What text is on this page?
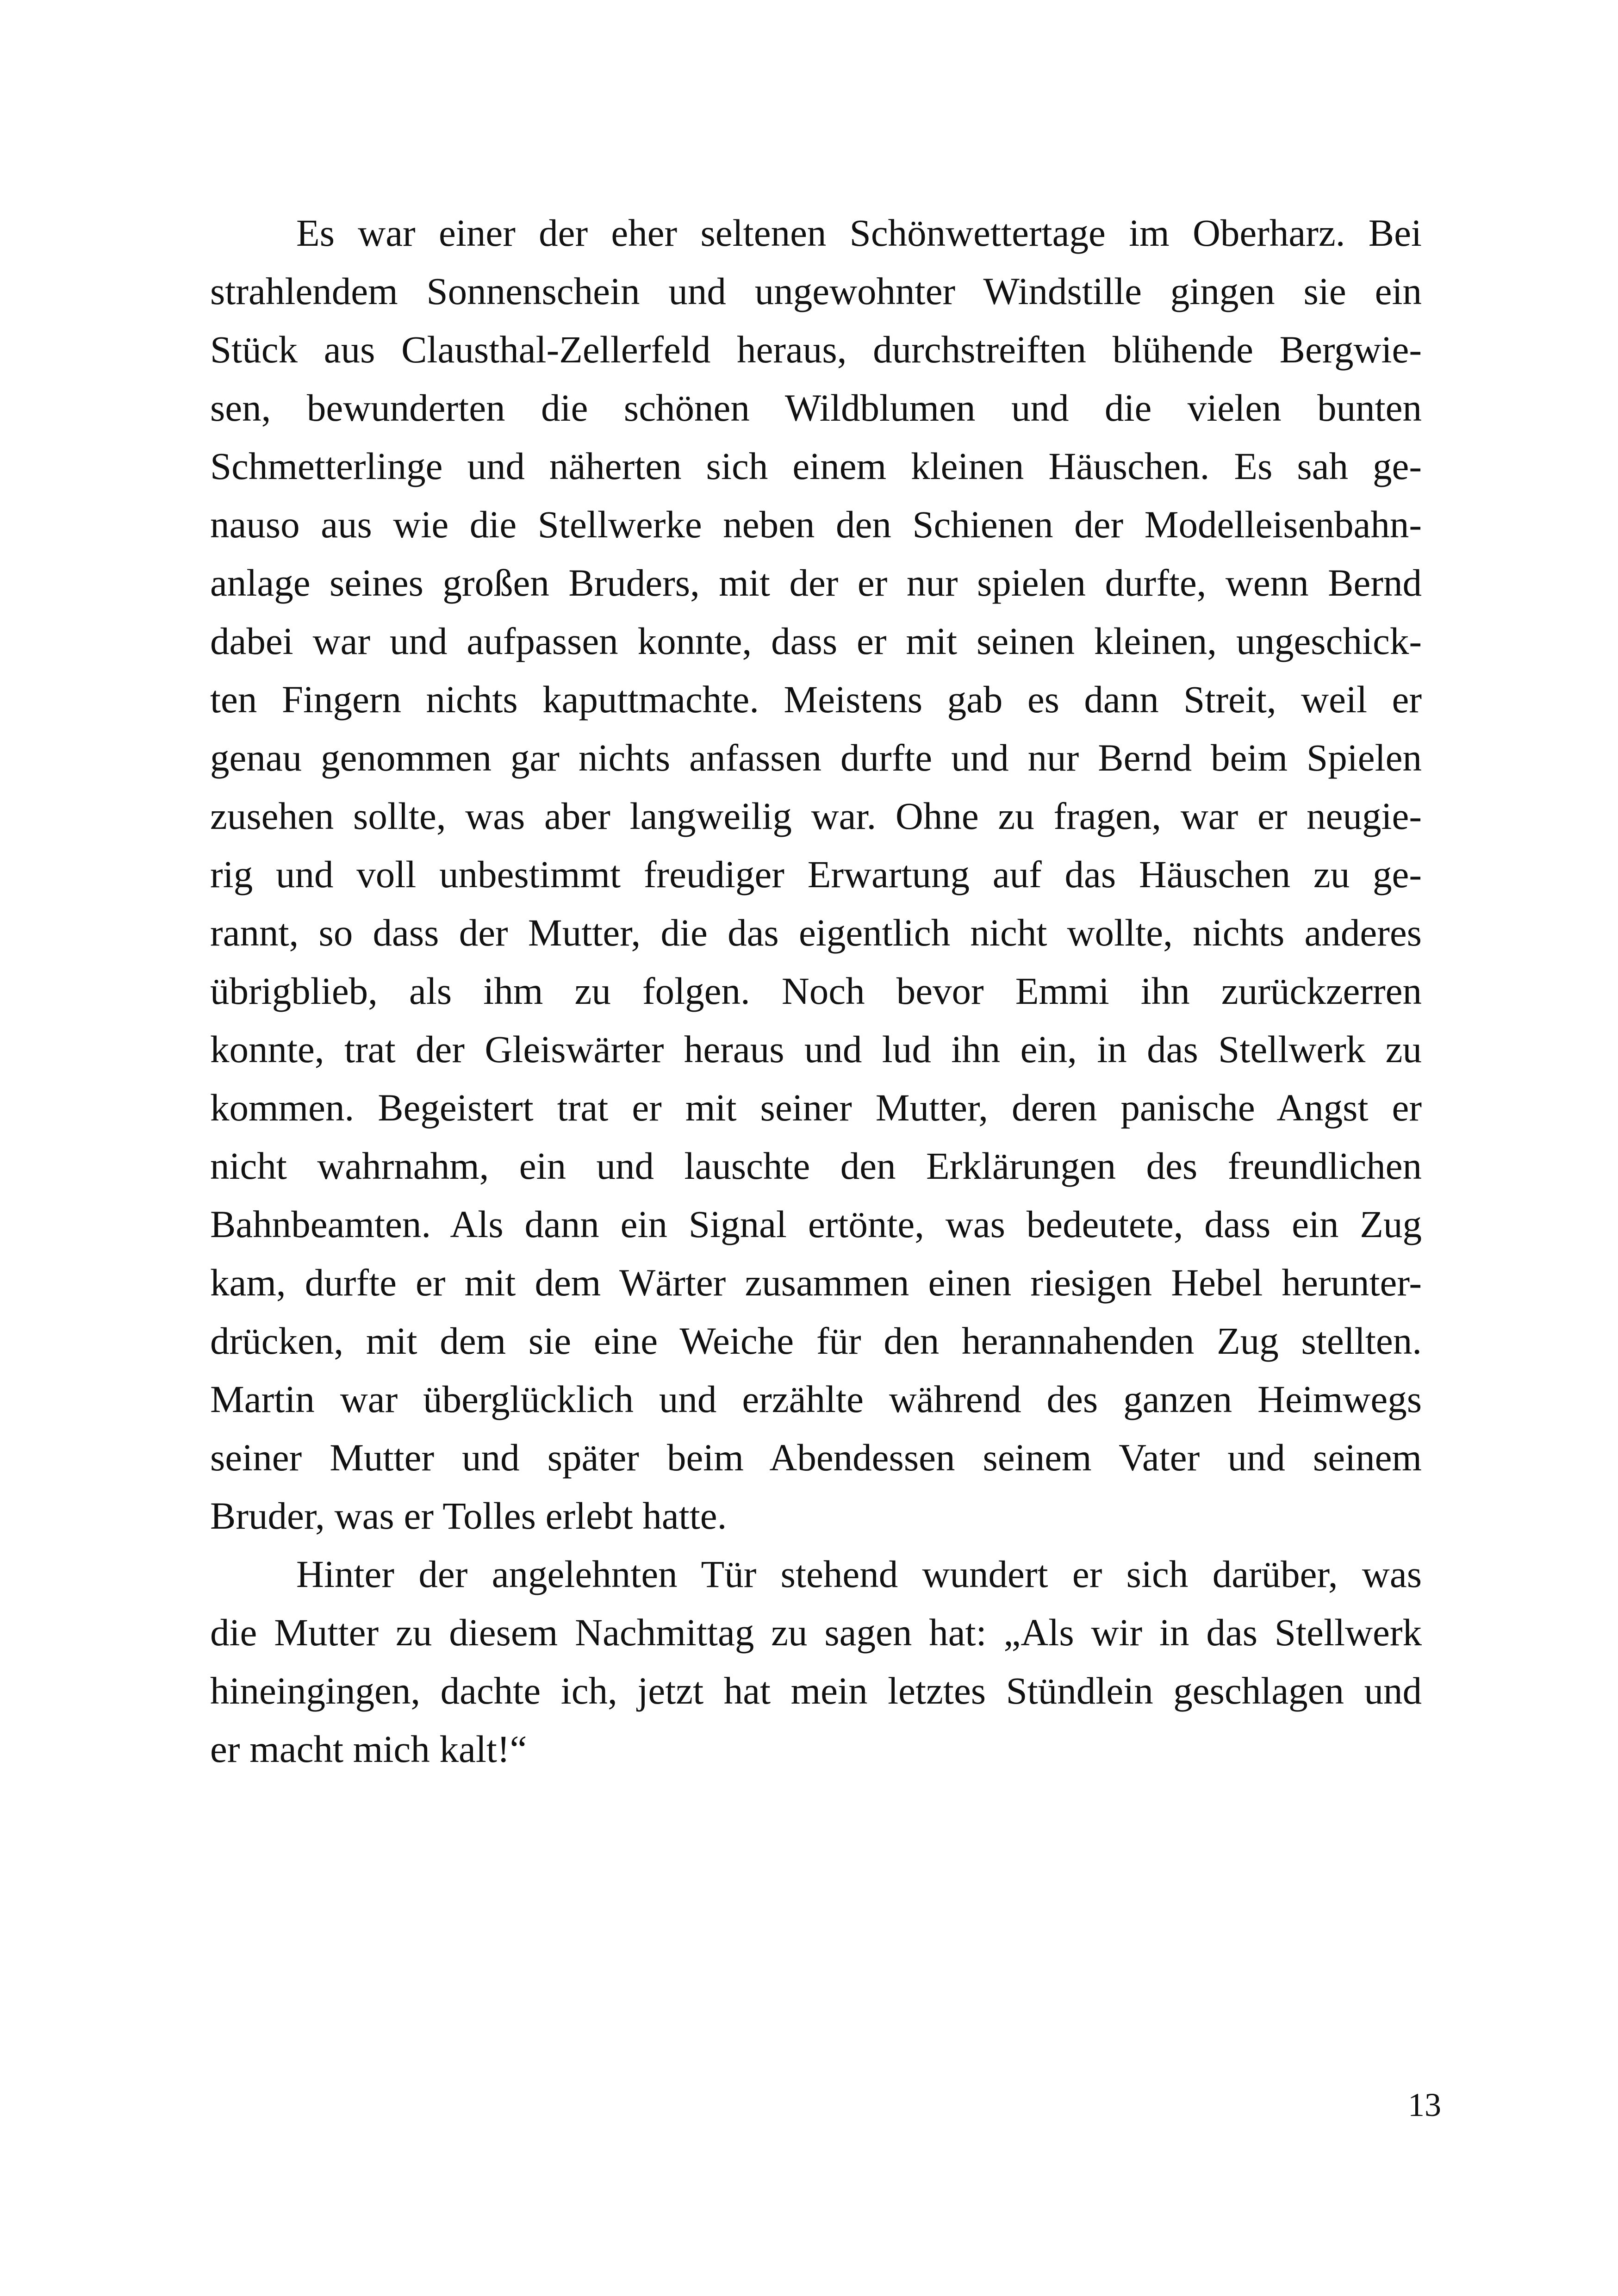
Es war einer der eher seltenen Schönwettertage im Oberharz. Bei
strahlendem Sonnenschein und ungewohnter Windstille gingen sie ein
Stück aus Clausthal-Zellerfeld heraus, durchstreiften blühende Bergwie-
sen, bewunderten die schönen Wildblumen und die vielen bunten
Schmetterlinge und näherten sich einem kleinen Häuschen. Es sah ge-
nauso aus wie die Stellwerke neben den Schienen der Modelleisenbahn-
anlage seines großen Bruders, mit der er nur spielen durfte, wenn Bernd
dabei war und aufpassen konnte, dass er mit seinen kleinen, ungeschick-
ten Fingern nichts kaputtmachte. Meistens gab es dann Streit, weil er
genau genommen gar nichts anfassen durfte und nur Bernd beim Spielen
zusehen sollte, was aber langweilig war. Ohne zu fragen, war er neugie-
rig und voll unbestimmt freudiger Erwartung auf das Häuschen zu ge-
rannt, so dass der Mutter, die das eigentlich nicht wollte, nichts anderes
übrigblieb, als ihm zu folgen. Noch bevor Emmi ihn zurückzerren
konnte, trat der Gleiswärter heraus und lud ihn ein, in das Stellwerk zu
kommen. Begeistert trat er mit seiner Mutter, deren panische Angst er
nicht wahrnahm, ein und lauschte den Erklärungen des freundlichen
Bahnbeamten. Als dann ein Signal ertönte, was bedeutete, dass ein Zug
kam, durfte er mit dem Wärter zusammen einen riesigen Hebel herunter-
drücken, mit dem sie eine Weiche für den herannahenden Zug stellten.
Martin war überglücklich und erzählte während des ganzen Heimwegs
seiner Mutter und später beim Abendessen seinem Vater und seinem
Bruder, was er Tolles erlebt hatte.
Hinter der angelehnten Tür stehend wundert er sich darüber, was
die Mutter zu diesem Nachmittag zu sagen hat: „Als wir in das Stellwerk
hineingingen, dachte ich, jetzt hat mein letztes Stündlein geschlagen und
er macht mich kalt!“
13
